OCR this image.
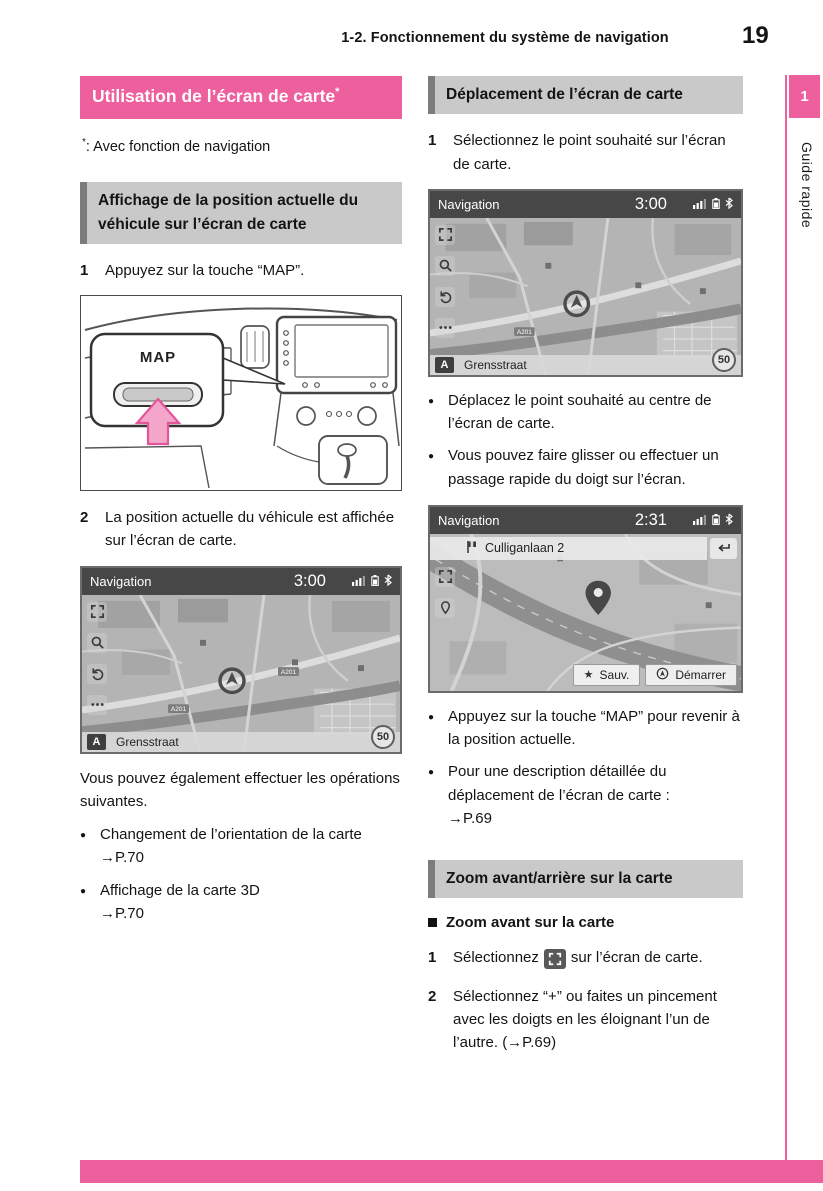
1-2. Fonctionnement du système de navigation	19
1
Guide rapide
Utilisation de l’écran de carte*
*: Avec fonction de navigation
Affichage de la position actuelle du véhicule sur l’écran de carte
1	Appuyez sur la touche “MAP”.
MAP
2	La position actuelle du véhicule est affichée sur l’écran de carte.
Navigation	3:00
A201
A201
A	Grensstraat	50
Vous pouvez également effectuer les opérations suivantes.
● Changement de l’orientation de la carte
→P.70
● Affichage de la carte 3D
→P.70
Déplacement de l’écran de carte
1	Sélectionnez le point souhaité sur l’écran de carte.
Navigation	3:00
A201
A	Grensstraat	50
● Déplacez le point souhaité au centre de l’écran de carte.
● Vous pouvez faire glisser ou effectuer un passage rapide du doigt sur l’écran.
Navigation	2:31
Culliganlaan 2
★ Sauv.	Démarrer
● Appuyez sur la touche “MAP” pour revenir à la position actuelle.
● Pour une description détaillée du déplacement de l’écran de carte :
→P.69
Zoom avant/arrière sur la carte
Zoom avant sur la carte
1	Sélectionnez sur l’écran de carte.
2	Sélectionnez “+” ou faites un pincement avec les doigts en les éloignant l’un de l’autre. (→P.69)
